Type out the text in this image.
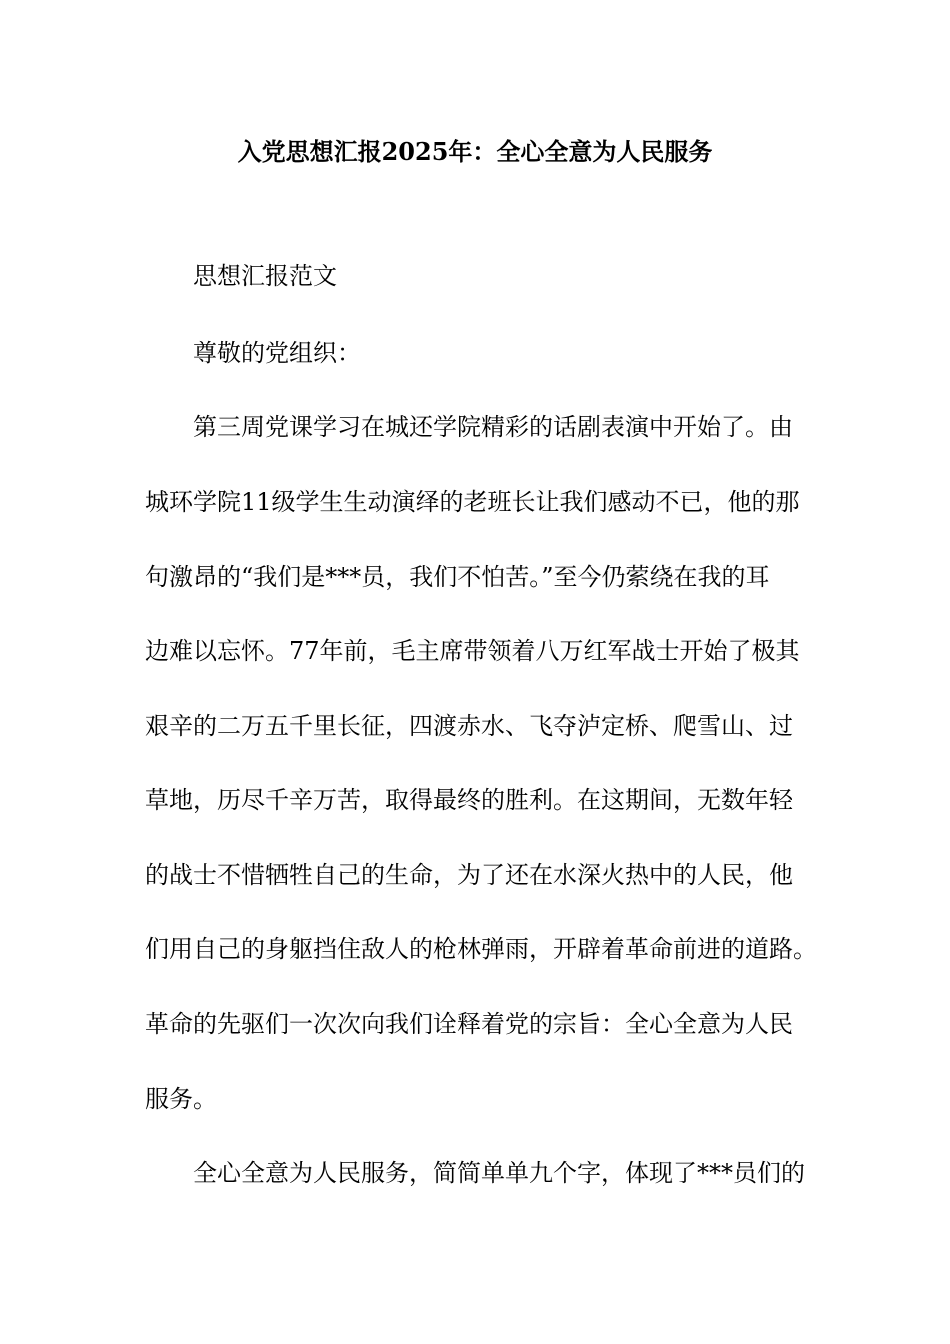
入党思想汇报2025年：全心全意为人民服务
思想汇报范文
尊敬的党组织：
第三周党课学习在城还学院精彩的话剧表演中开始了。由
城环学院11级学生生动演绎的老班长让我们感动不已，他的那
句激昂的“我们是***员，我们不怕苦。”至今仍萦绕在我的耳
边难以忘怀。77年前，毛主席带领着八万红军战士开始了极其
艰辛的二万五千里长征，四渡赤水、飞夺泸定桥、爬雪山、过
草地，历尽千辛万苦，取得最终的胜利。在这期间，无数年轻
的战士不惜牺牲自己的生命，为了还在水深火热中的人民，他
们用自己的身躯挡住敌人的枪林弹雨，开辟着革命前进的道路。
革命的先驱们一次次向我们诠释着党的宗旨：全心全意为人民
服务。
全心全意为人民服务，简简单单九个字，体现了***员们的
